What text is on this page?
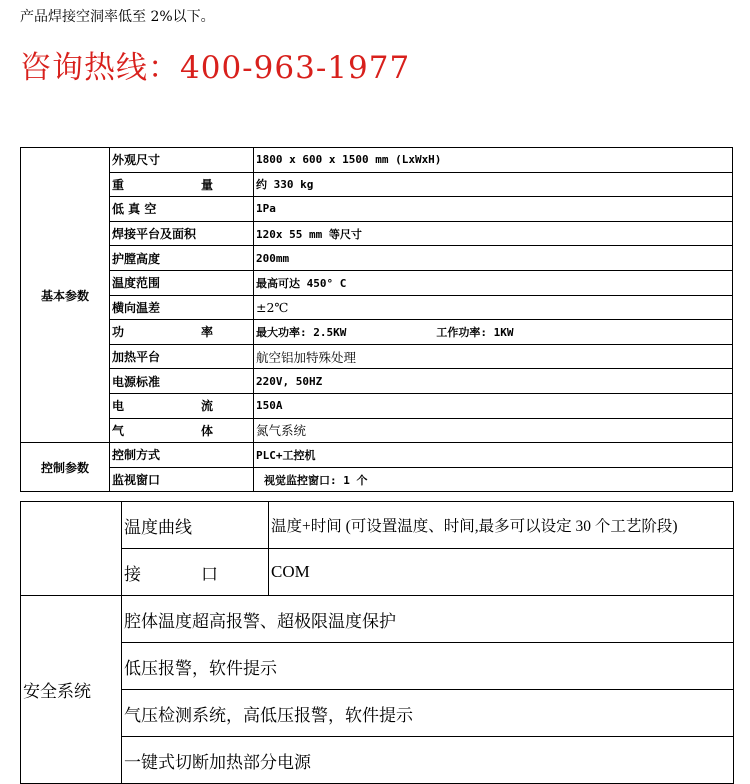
产品焊接空洞率低至 2%以下。
咨询热线：400-963-1977
基本参数	外观尺寸	1800 x 600 x 1500 mm (LxWxH)

	重 量	约 330 kg
	低 真 空	1Pa
	焊接平台及面积	120x 55 mm 等尺寸
	护膛高度	200mm
	温度范围	最高可达 450° C
	横向温差	±2℃

	功 率	最大功率: 2.5KW 工作功率: 1KW
	加热平台	航空铝加特殊处理
	电源标准	220V, 50HZ

	电 流	150A

	气 体	氮气系统
控制参数	控制方式	PLC+工控机
	监视窗口	视觉监控窗口: 1 个
	温度曲线	温度+时间 (可设置温度、时间,最多可以设定 30 个工艺阶段)

	接 口	COM
安全系统	腔体温度超高报警、超极限温度保护	
	低压报警，软件提示	
	气压检测系统，高低压报警，软件提示	
	一键式切断加热部分电源	
